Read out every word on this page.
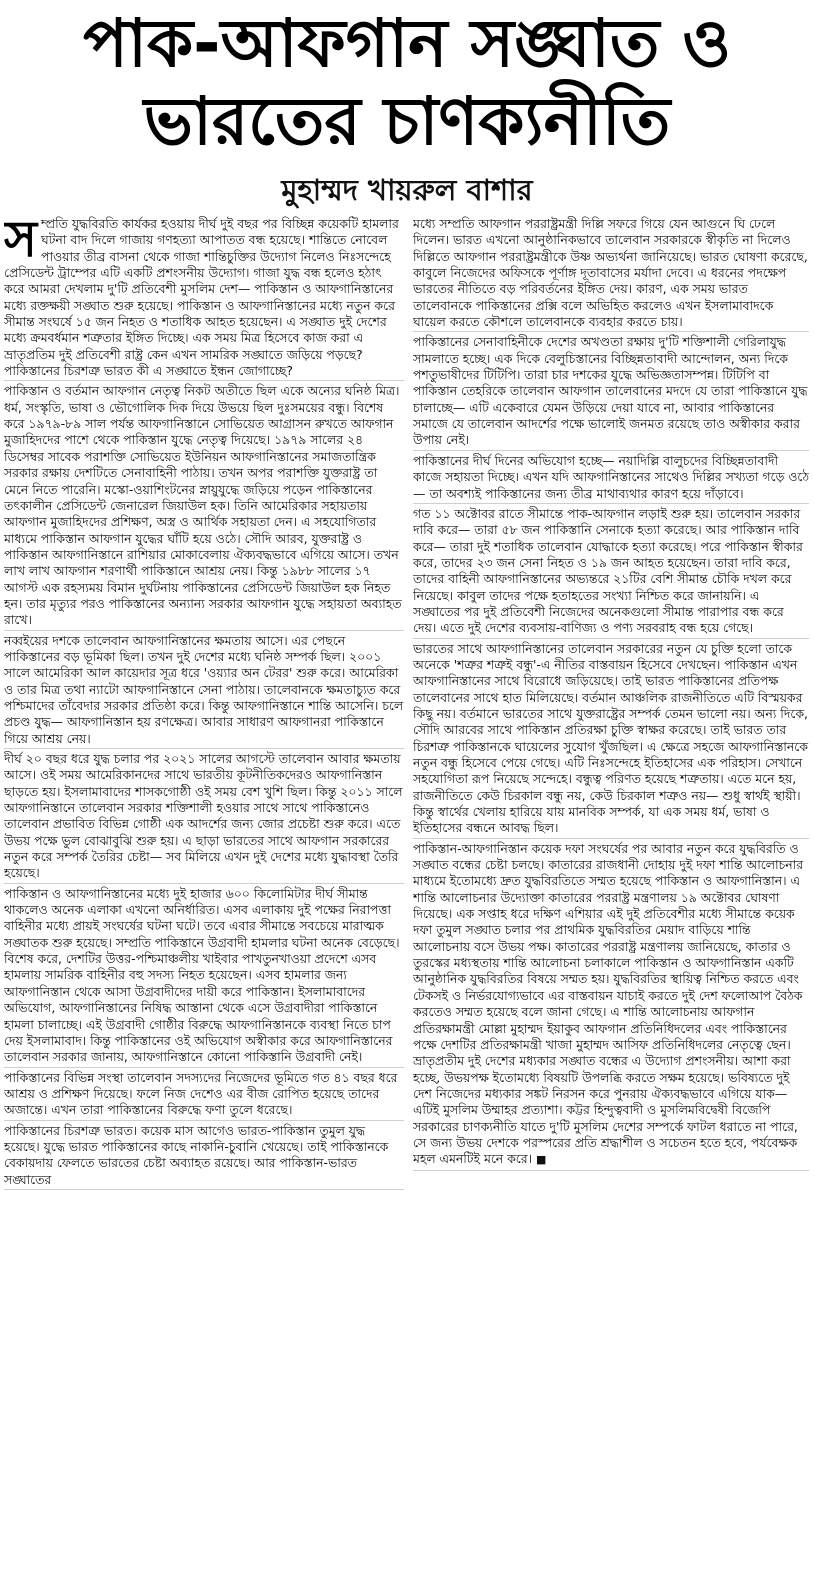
পাক-আফগান সঙ্ঘাত ও
ভারতের চাণক্যনীতি
মুহাম্মদ খায়রুল বাশার

সম্প্রতি যুদ্ধবিরতি কার্যকর হওয়ায় দীর্ঘ দুই বছর পর বিচ্ছিন্ন কয়েকটি হামলার ঘটনা বাদ দিলে গাজায় গণহত্যা আপাতত বন্ধ হয়েছে। শান্তিতে নোবেল পাওয়ার তীব্র বাসনা থেকে গাজা শান্তিচুক্তির উদ্যোগ নিলেও নিঃসন্দেহে প্রেসিডেন্ট ট্রাম্পের এটি একটি প্রশংসনীয় উদ্যোগ। গাজা যুদ্ধ বন্ধ হলেও হঠাৎ করে আমরা দেখলাম দু'টি প্রতিবেশী মুসলিম দেশ— পাকিস্তান ও আফগানিস্তানের মধ্যে রক্তক্ষয়ী সঙ্ঘাত শুরু হয়েছে। পাকিস্তান ও আফগানিস্তানের মধ্যে নতুন করে সীমান্ত সংঘর্ষে ১৫ জন নিহত ও শতাধিক আহত হয়েছেন। এ সঙ্ঘাত দুই দেশের মধ্যে ক্রমবর্ধমান শত্রুতার ইঙ্গিত দিচ্ছে। এক সময় মিত্র হিসেবে কাজ করা এ ভ্রাতৃপ্রতিম দুই প্রতিবেশী রাষ্ট্র কেন এখন সামরিক সঙ্ঘাতে জড়িয়ে পড়ছে? পাকিস্তানের চিরশত্রু ভারত কী এ সঙ্ঘাতে ইন্ধন জোগাচ্ছে?

পাকিস্তান ও বর্তমান আফগান নেতৃত্ব নিকট অতীতে ছিল একে অন্যের ঘনিষ্ঠ মিত্র। ধর্ম, সংস্কৃতি, ভাষা ও ভৌগোলিক দিক দিয়ে উভয়ে ছিল দুঃসময়ের বন্ধু। বিশেষ করে ১৯৭৯-৮৯ সাল পর্যন্ত আফগানিস্তানে সোভিয়েত আগ্রাসন রুখতে আফগান মুজাহিদদের পাশে থেকে পাকিস্তান যুদ্ধে নেতৃত্ব দিয়েছে। ১৯৭৯ সালের ২৪ ডিসেম্বর সাবেক পরাশক্তি সোভিয়েত ইউনিয়ন আফগানিস্তানের সমাজতান্ত্রিক সরকার রক্ষায় দেশটিতে সেনাবাহিনী পাঠায়। তখন অপর পরাশক্তি যুক্তরাষ্ট্র তা মেনে নিতে পারেনি। মস্কো-ওয়াশিংটনের স্নায়ুযুদ্ধে জড়িয়ে পড়েন পাকিস্তানের তৎকালীন প্রেসিডেন্ট জেনারেল জিয়াউল হক। তিনি আমেরিকার সহায়তায় আফগান মুজাহিদদের প্রশিক্ষণ, অস্ত্র ও আর্থিক সহায়তা দেন। এ সহযোগিতার মাধ্যমে পাকিস্তান আফগান যুদ্ধের ঘাঁটি হয়ে ওঠে। সৌদি আরব, যুক্তরাষ্ট্র ও পাকিস্তান আফগানিস্তানে রাশিয়ার মোকাবেলায় ঐক্যবদ্ধভাবে এগিয়ে আসে। তখন লাখ লাখ আফগান শরণার্থী পাকিস্তানে আশ্রয় নেয়। কিন্তু ১৯৮৮ সালের ১৭ আগস্ট এক রহস্যময় বিমান দুর্ঘটনায় পাকিস্তানের প্রেসিডেন্ট জিয়াউল হক নিহত হন। তার মৃত্যুর পরও পাকিস্তানের অন্যান্য সরকার আফগান যুদ্ধে সহায়তা অব্যাহত রাখে।

নব্বইয়ের দশকে তালেবান আফগানিস্তানের ক্ষমতায় আসে। এর পেছনে পাকিস্তানের বড় ভূমিকা ছিল। তখন দুই দেশের মধ্যে ঘনিষ্ঠ সম্পর্ক ছিল। ২০০১ সালে আমেরিকা আল কায়েদার সূত্র ধরে 'ওয়্যার অন টেরর' শুরু করে। আমেরিকা ও তার মিত্র তথা ন্যাটো আফগানিস্তানে সেনা পাঠায়। তালেবানকে ক্ষমতাচ্যুত করে পশ্চিমাদের তাঁবেদার সরকার প্রতিষ্ঠা করে। কিন্তু আফগানিস্তানে শান্তি আসেনি। চলে প্রচণ্ড যুদ্ধ— আফগানিস্তান হয় রণক্ষেত্র। আবার সাধারণ আফগানরা পাকিস্তানে গিয়ে আশ্রয় নেয়।

দীর্ঘ ২০ বছর ধরে যুদ্ধ চলার পর ২০২১ সালের আগস্টে তালেবান আবার ক্ষমতায় আসে। ওই সময় আমেরিকানদের সাথে ভারতীয় কূটনীতিকদেরও আফগানিস্তান ছাড়তে হয়। ইসলামাবাদের শাসকগোষ্ঠী ওই সময় বেশ খুশি ছিল। কিন্তু ২০১১ সালে আফগানিস্তানে তালেবান সরকার শক্তিশালী হওয়ার সাথে সাথে পাকিস্তানেও তালেবান প্রভাবিত বিভিন্ন গোষ্ঠী এক আদর্শের জন্য জোর প্রচেষ্টা শুরু করে। এতে উভয় পক্ষে ভুল বোঝাবুঝি শুরু হয়। এ ছাড়া ভারতের সাথে আফগান সরকারের নতুন করে সম্পর্ক তৈরির চেষ্টা— সব মিলিয়ে এখন দুই দেশের মধ্যে যুদ্ধাবস্থা তৈরি হয়েছে।

পাকিস্তান ও আফগানিস্তানের মধ্যে দুই হাজার ৬০০ কিলোমিটার দীর্ঘ সীমান্ত থাকলেও অনেক এলাকা এখনো অনির্ধারিত। এসব এলাকায় দুই পক্ষের নিরাপত্তা বাহিনীর মধ্যে প্রায়ই সংঘর্ষের ঘটনা ঘটে। তবে এবার সীমান্তে সবচেয়ে মারাত্মক সঙ্ঘাতক শুরু হয়েছে। সম্প্রতি পাকিস্তানে উগ্রবাদী হামলার ঘটনা অনেক বেড়েছে। বিশেষ করে, দেশটির উত্তর-পশ্চিমাঞ্চলীয় খাইবার পাখতুনখাওয়া প্রদেশে এসব হামলায় সামরিক বাহিনীর বহু সদস্য নিহত হয়েছেন। এসব হামলার জন্য আফগানিস্তান থেকে আসা উগ্রবাদীদের দায়ী করে পাকিস্তান। ইসলামাবাদের অভিযোগ, আফগানিস্তানের নিষিদ্ধ আস্তানা থেকে এসে উগ্রবাদীরা পাকিস্তানে হামলা চালাচ্ছে। এই উগ্রবাদী গোষ্ঠীর বিরুদ্ধে আফগানিস্তানকে ব্যবস্থা নিতে চাপ দেয় ইসলামাবাদ। কিন্তু পাকিস্তানের ওই অভিযোগ অস্বীকার করে আফগানিস্তানের তালেবান সরকার জানায়, আফগানিস্তানে কোনো পাকিস্তানি উগ্রবাদী নেই।

পাকিস্তানের বিভিন্ন সংস্থা তালেবান সদস্যদের নিজেদের ভূমিতে গত ৪১ বছর ধরে আশ্রয় ও প্রশিক্ষণ দিয়েছে। ফলে নিজ দেশেও এর বীজ রোপিত হয়েছে তাদের অজান্তে। এখন তারা পাকিস্তানের বিরুদ্ধে ফণা তুলে ধরেছে।

পাকিস্তানের চিরশত্রু ভারত। কয়েক মাস আগেও ভারত-পাকিস্তান তুমুল যুদ্ধ হয়েছে। যুদ্ধে ভারত পাকিস্তানের কাছে নাকানি-চুবানি খেয়েছে। তাই পাকিস্তানকে বেকায়দায় ফেলতে ভারতের চেষ্টা অব্যাহত রয়েছে। আর পাকিস্তান-ভারত সঙ্ঘাতের

মধ্যে সম্প্রতি আফগান পররাষ্ট্রমন্ত্রী দিল্লি সফরে গিয়ে যেন আগুনে ঘি ঢেলে দিলেন। ভারত এখনো আনুষ্ঠানিকভাবে তালেবান সরকারকে স্বীকৃতি না দিলেও দিল্লিতে আফগান পররাষ্ট্রমন্ত্রীকে উষ্ণ অভ্যর্থনা জানিয়েছে। ভারত ঘোষণা করেছে, কাবুলে নিজেদের অফিসকে পূর্ণাঙ্গ দূতাবাসের মর্যাদা দেবে। এ ধরনের পদক্ষেপ ভারতের নীতিতে বড় পরিবর্তনের ইঙ্গিত দেয়। কারণ, এক সময় ভারত তালেবানকে পাকিস্তানের প্রক্সি বলে অভিহিত করলেও এখন ইসলামাবাদকে ঘায়েল করতে কৌশলে তালেবানকে ব্যবহার করতে চায়।

পাকিস্তানের সেনাবাহিনীকে দেশের অখণ্ডতা রক্ষায় দু'টি শক্তিশালী গেরিলাযুদ্ধ সামলাতে হচ্ছে। এক দিকে বেলুচিস্তানের বিচ্ছিন্নতাবাদী আন্দোলন, অন্য দিকে পশতুভাষীদের টিটিপি। তারা চার দশকের যুদ্ধে অভিজ্ঞতাসম্পন্ন। টিটিপি বা পাকিস্তান তেহরিকে তালেবান আফগান তালেবানের মদদে যে তারা পাকিস্তানে যুদ্ধ চালাচ্ছে— এটি একেবারে যেমন উড়িয়ে দেয়া যাবে না, আবার পাকিস্তানের সমাজে যে তালেবান আদর্শের পক্ষে ভালোই জনমত রয়েছে তাও অস্বীকার করার উপায় নেই।

পাকিস্তানের দীর্ঘ দিনের অভিযোগ হচ্ছে— নয়াদিল্লি বালুচদের বিচ্ছিন্নতাবাদী কাজে সহায়তা দিচ্ছে। এখন যদি আফগানিস্তানের সাথেও দিল্লির সখ্যতা গড়ে ওঠে— তা অবশ্যই পাকিস্তানের জন্য তীব্র মাথাব্যথার কারণ হয়ে দাঁড়াবে।

গত ১১ অক্টোবর রাতে সীমান্তে পাক-আফগান লড়াই শুরু হয়। তালেবান সরকার দাবি করে— তারা ৫৮ জন পাকিস্তানি সেনাকে হত্যা করেছে। আর পাকিস্তান দাবি করে— তারা দুই শতাধিক তালেবান যোদ্ধাকে হত্যা করেছে। পরে পাকিস্তান স্বীকার করে, তাদের ২৩ জন সেনা নিহত ও ১৯ জন আহত হয়েছেন। তারা দাবি করে, তাদের বাহিনী আফগানিস্তানের অভ্যন্তরে ২১টির বেশি সীমান্ত চৌকি দখল করে নিয়েছে। কাবুল তাদের পক্ষে হতাহতের সংখ্যা নিশ্চিত করে জানায়নি। এ সঙ্ঘাতের পর দুই প্রতিবেশী নিজেদের অনেকগুলো সীমান্ত পারাপার বন্ধ করে দেয়। এতে দুই দেশের ব্যবসায়-বাণিজ্য ও পণ্য সরবরাহ বন্ধ হয়ে গেছে।

ভারতের সাথে আফগানিস্তানের তালেবান সরকারের নতুন যে চুক্তি হলো তাকে অনেকে 'শত্রুর শত্রুই বন্ধু'-এ নীতির বাস্তবায়ন হিসেবে দেখছেন। পাকিস্তান এখন আফগানিস্তানের সাথে বিরোধে জড়িয়েছে। তাই ভারত পাকিস্তানের প্রতিপক্ষ তালেবানের সাথে হাত মিলিয়েছে। বর্তমান আঞ্চলিক রাজনীতিতে এটি বিস্ময়কর কিছু নয়। বর্তমানে ভারতের সাথে যুক্তরাষ্ট্রের সম্পর্ক তেমন ভালো নয়। অন্য দিকে, সৌদি আরবের সাথে পাকিস্তান প্রতিরক্ষা চুক্তি স্বাক্ষর করেছে। তাই ভারত তার চিরশত্রু পাকিস্তানকে ঘায়েলের সুযোগ খুঁজছিল। এ ক্ষেত্রে সহজে আফগানিস্তানকে নতুন বন্ধু হিসেবে পেয়ে গেছে। এটি নিঃসন্দেহে ইতিহাসের এক পরিহাস। সেখানে সহযোগিতা রূপ নিয়েছে সন্দেহে। বন্ধুত্ব পরিণত হয়েছে শত্রুতায়। এতে মনে হয়, রাজনীতিতে কেউ চিরকাল বন্ধু নয়, কেউ চিরকাল শত্রুও নয়— শুধু স্বার্থই স্থায়ী। কিন্তু স্বার্থের খেলায় হারিয়ে যায় মানবিক সম্পর্ক, যা এক সময় ধর্ম, ভাষা ও ইতিহাসের বন্ধনে আবদ্ধ ছিল।

পাকিস্তান-আফগানিস্তান কয়েক দফা সংঘর্ষের পর আবার নতুন করে যুদ্ধবিরতি ও সঙ্ঘাত বন্ধের চেষ্টা চলছে। কাতারের রাজধানী দোহায় দুই দফা শান্তি আলোচনার মাধ্যমে ইতোমধ্যে দ্রুত যুদ্ধবিরতিতে সম্মত হয়েছে পাকিস্তান ও আফগানিস্তান। এ শান্তি আলোচনার উদ্যোক্তা কাতারের পররাষ্ট্র মন্ত্রণালয় ১৯ অক্টোবর ঘোষণা দিয়েছে। এক সপ্তাহ ধরে দক্ষিণ এশিয়ার এই দুই প্রতিবেশীর মধ্যে সীমান্তে কয়েক দফা তুমুল সঙ্ঘাত চলার পর প্রাথমিক যুদ্ধবিরতির মেয়াদ বাড়িয়ে শান্তি আলোচনায় বসে উভয় পক্ষ। কাতারের পররাষ্ট্র মন্ত্রণালয় জানিয়েছে, কাতার ও তুরস্কের মধ্যস্থতায় শান্তি আলোচনা চলাকালে পাকিস্তান ও আফগানিস্তান একটি আনুষ্ঠানিক যুদ্ধবিরতির বিষয়ে সম্মত হয়। যুদ্ধবিরতির স্থায়িত্ব নিশ্চিত করতে এবং টেকসই ও নির্ভরযোগ্যভাবে এর বাস্তবায়ন যাচাই করতে দুই দেশ ফলোআপ বৈঠক করতেও সম্মত হয়েছে বলে জানা গেছে। এ শান্তি আলোচনায় আফগান প্রতিরক্ষামন্ত্রী মোল্লা মুহাম্মদ ইয়াকুব আফগান প্রতিনিধিদলের এবং পাকিস্তানের পক্ষে দেশটির প্রতিরক্ষামন্ত্রী খাজা মুহাম্মদ আসিফ প্রতিনিধিদলের নেতৃত্বে ছেন। ভ্রাতৃপ্রতীম দুই দেশের মধ্যকার সঙ্ঘাত বন্ধের এ উদ্যোগ প্রশংসনীয়। আশা করা হচ্ছে, উভয়পক্ষ ইতোমধ্যে বিষয়টি উপলব্ধি করতে সক্ষম হয়েছে। ভবিষ্যতে দুই দেশ নিজেদের মধ্যকার সঙ্কট নিরসন করে পুনরায় ঐক্যবদ্ধভাবে এগিয়ে যাক— এটিই মুসলিম উম্মাহর প্রত্যাশা। কট্টর হিন্দুত্ববাদী ও মুসলিমবিদ্বেষী বিজেপি সরকারের চাণক্যনীতি যাতে দু'টি মুসলিম দেশের সম্পর্কে ফাটল ধরাতে না পারে, সে জন্য উভয় দেশকে পরস্পরের প্রতি শ্রদ্ধাশীল ও সচেতন হতে হবে, পর্যবেক্ষক মহল এমনটিই মনে করে। ■
